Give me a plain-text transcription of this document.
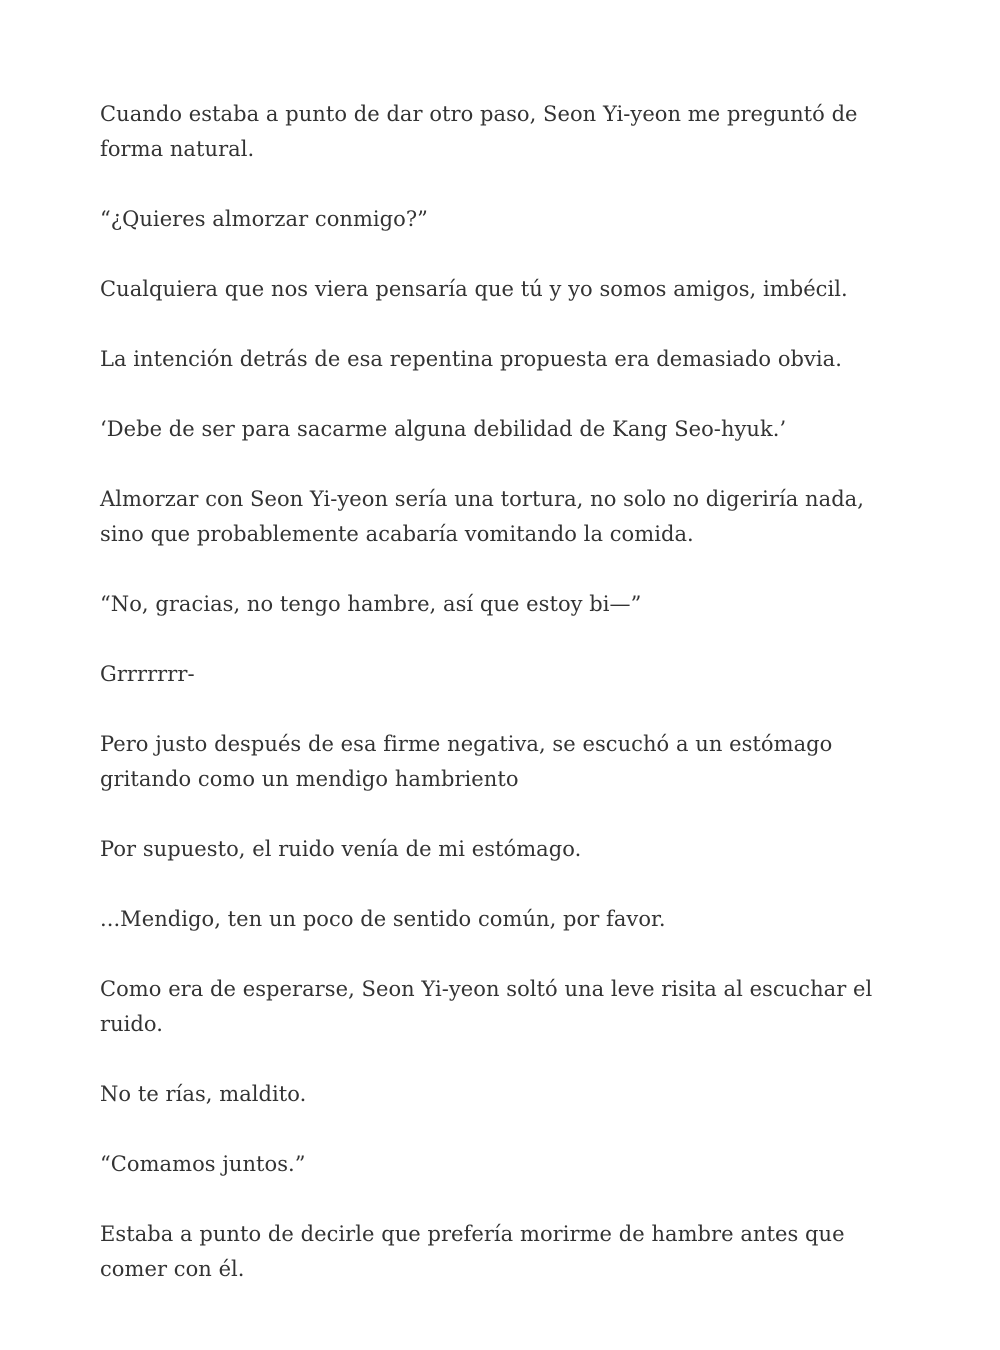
Cuando estaba a punto de dar otro paso, Seon Yi-yeon me preguntó de forma natural.

“¿Quieres almorzar conmigo?”

Cualquiera que nos viera pensaría que tú y yo somos amigos, imbécil.

La intención detrás de esa repentina propuesta era demasiado obvia.

‘Debe de ser para sacarme alguna debilidad de Kang Seo-hyuk.’

Almorzar con Seon Yi-yeon sería una tortura, no solo no digeriría nada, sino que probablemente acabaría vomitando la comida.

“No, gracias, no tengo hambre, así que estoy bi—”

Grrrrrrr-

Pero justo después de esa firme negativa, se escuchó a un estómago gritando como un mendigo hambriento

Por supuesto, el ruido venía de mi estómago.

...Mendigo, ten un poco de sentido común, por favor.

Como era de esperarse, Seon Yi-yeon soltó una leve risita al escuchar el ruido.

No te rías, maldito.

“Comamos juntos.”

Estaba a punto de decirle que prefería morirme de hambre antes que comer con él.
